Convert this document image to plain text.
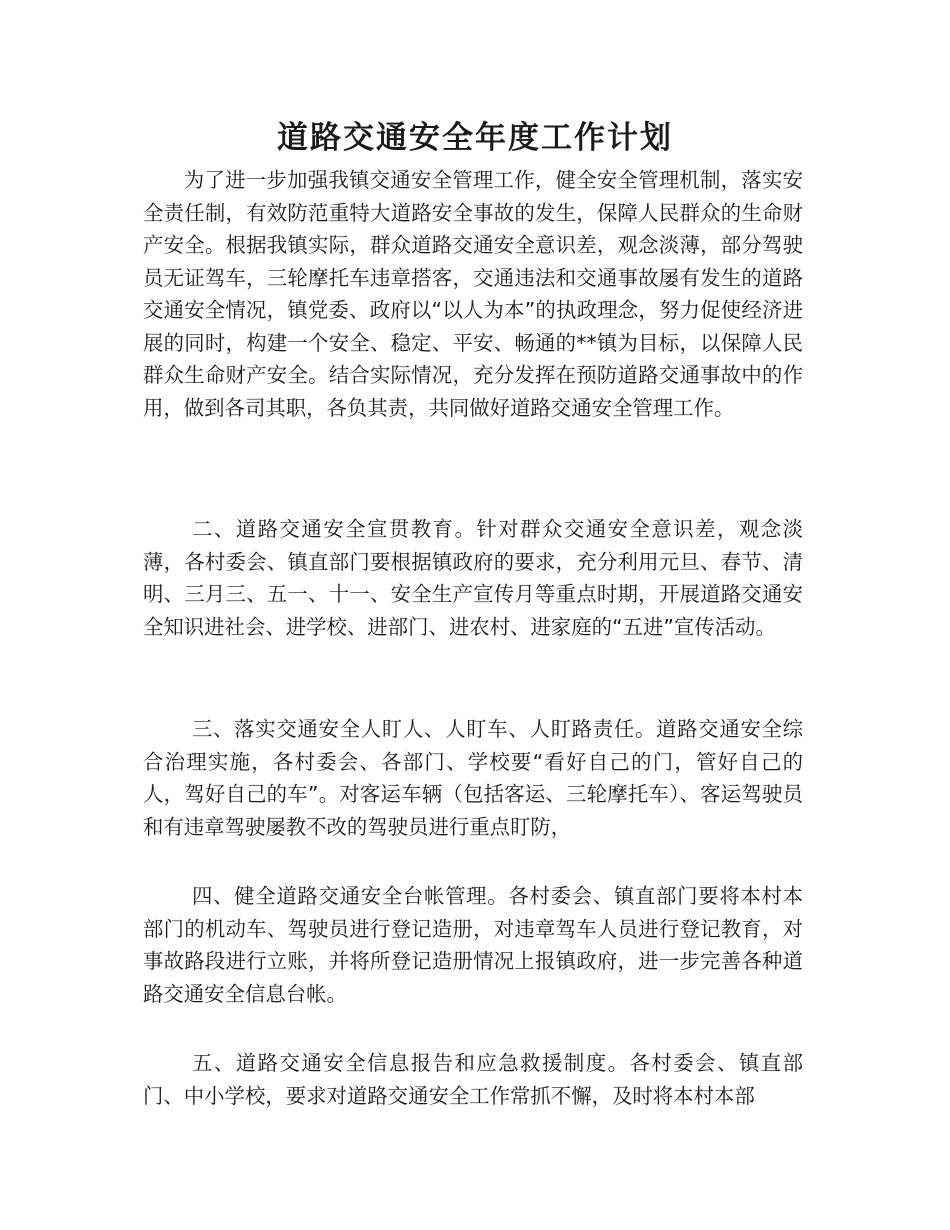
道路交通安全年度工作计划

为了进一步加强我镇交通安全管理工作，健全安全管理机制，落实安全责任制，有效防范重特大道路安全事故的发生，保障人民群众的生命财产安全。根据我镇实际，群众道路交通安全意识差，观念淡薄，部分驾驶员无证驾车，三轮摩托车违章搭客，交通违法和交通事故屡有发生的道路交通安全情况，镇党委、政府以“以人为本”的执政理念，努力促使经济进展的同时，构建一个安全、稳定、平安、畅通的**镇为目标，以保障人民群众生命财产安全。结合实际情况，充分发挥在预防道路交通事故中的作用，做到各司其职，各负其责，共同做好道路交通安全管理工作。

二、道路交通安全宣贯教育。针对群众交通安全意识差，观念淡薄，各村委会、镇直部门要根据镇政府的要求，充分利用元旦、春节、清明、三月三、五一、十一、安全生产宣传月等重点时期，开展道路交通安全知识进社会、进学校、进部门、进农村、进家庭的“五进”宣传活动。

三、落实交通安全人盯人、人盯车、人盯路责任。道路交通安全综合治理实施，各村委会、各部门、学校要“看好自己的门，管好自己的人，驾好自己的车”。对客运车辆（包括客运、三轮摩托车）、客运驾驶员和有违章驾驶屡教不改的驾驶员进行重点盯防，

四、健全道路交通安全台帐管理。各村委会、镇直部门要将本村本部门的机动车、驾驶员进行登记造册，对违章驾车人员进行登记教育，对事故路段进行立账，并将所登记造册情况上报镇政府，进一步完善各种道路交通安全信息台帐。

五、道路交通安全信息报告和应急救援制度。各村委会、镇直部门、中小学校，要求对道路交通安全工作常抓不懈，及时将本村本部
